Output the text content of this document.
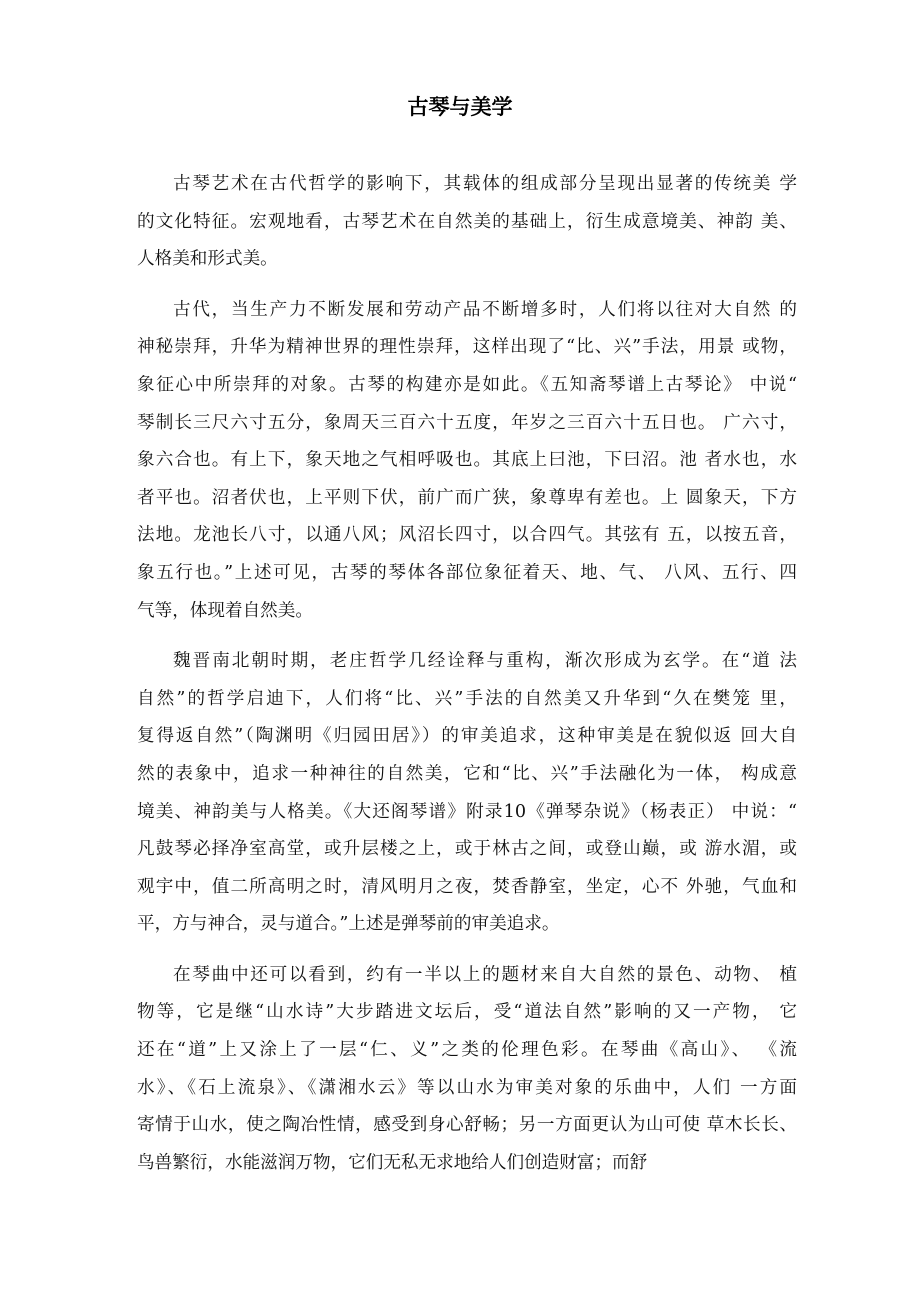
古琴与美学
古琴艺术在古代哲学的影响下，其载体的组成部分呈现出显著的传统美 学
的文化特征。宏观地看，古琴艺术在自然美的基础上，衍生成意境美、神韵 美、
人格美和形式美。
古代，当生产力不断发展和劳动产品不断增多时，人们将以往对大自然 的
神秘崇拜，升华为精神世界的理性崇拜，这样出现了“比、兴”手法，用景 或物，
象征心中所崇拜的对象。古琴的构建亦是如此。《五知斋琴谱上古琴论》 中说“
琴制长三尺六寸五分，象周天三百六十五度，年岁之三百六十五日也。 广六寸，
象六合也。有上下，象天地之气相呼吸也。其底上曰池，下曰沼。池 者水也，水
者平也。沼者伏也，上平则下伏，前广而广狭，象尊卑有差也。上 圆象天，下方
法地。龙池长八寸，以通八风；风沼长四寸，以合四气。其弦有 五，以按五音，
象五行也。”上述可见，古琴的琴体各部位象征着天、地、气、 八风、五行、四
气等，体现着自然美。
魏晋南北朝时期，老庄哲学几经诠释与重构，渐次形成为玄学。在“道 法
自然”的哲学启迪下，人们将“比、兴”手法的自然美又升华到“久在樊笼 里，
复得返自然”（陶渊明《归园田居》）的审美追求，这种审美是在貌似返 回大自
然的表象中，追求一种神往的自然美，它和“比、兴”手法融化为一体， 构成意
境美、神韵美与人格美。《大还阁琴谱》附录10《弹琴杂说》（杨表正） 中说：“
凡鼓琴必择净室高堂，或升层楼之上，或于林古之间，或登山巅，或 游水湄，或
观宇中，值二所高明之时，清风明月之夜，焚香静室，坐定，心不 外驰，气血和
平，方与神合，灵与道合。”上述是弹琴前的审美追求。
在琴曲中还可以看到，约有一半以上的题材来自大自然的景色、动物、 植
物等，它是继“山水诗”大步踏进文坛后，受“道法自然”影响的又一产物， 它
还在“道”上又涂上了一层“仁、义”之类的伦理色彩。在琴曲《高山》、 《流
水》、《石上流泉》、《潇湘水云》等以山水为审美对象的乐曲中，人们 一方面
寄情于山水，使之陶冶性情，感受到身心舒畅；另一方面更认为山可使 草木长长、
鸟兽繁衍，水能滋润万物，它们无私无求地给人们创造财富；而舒
